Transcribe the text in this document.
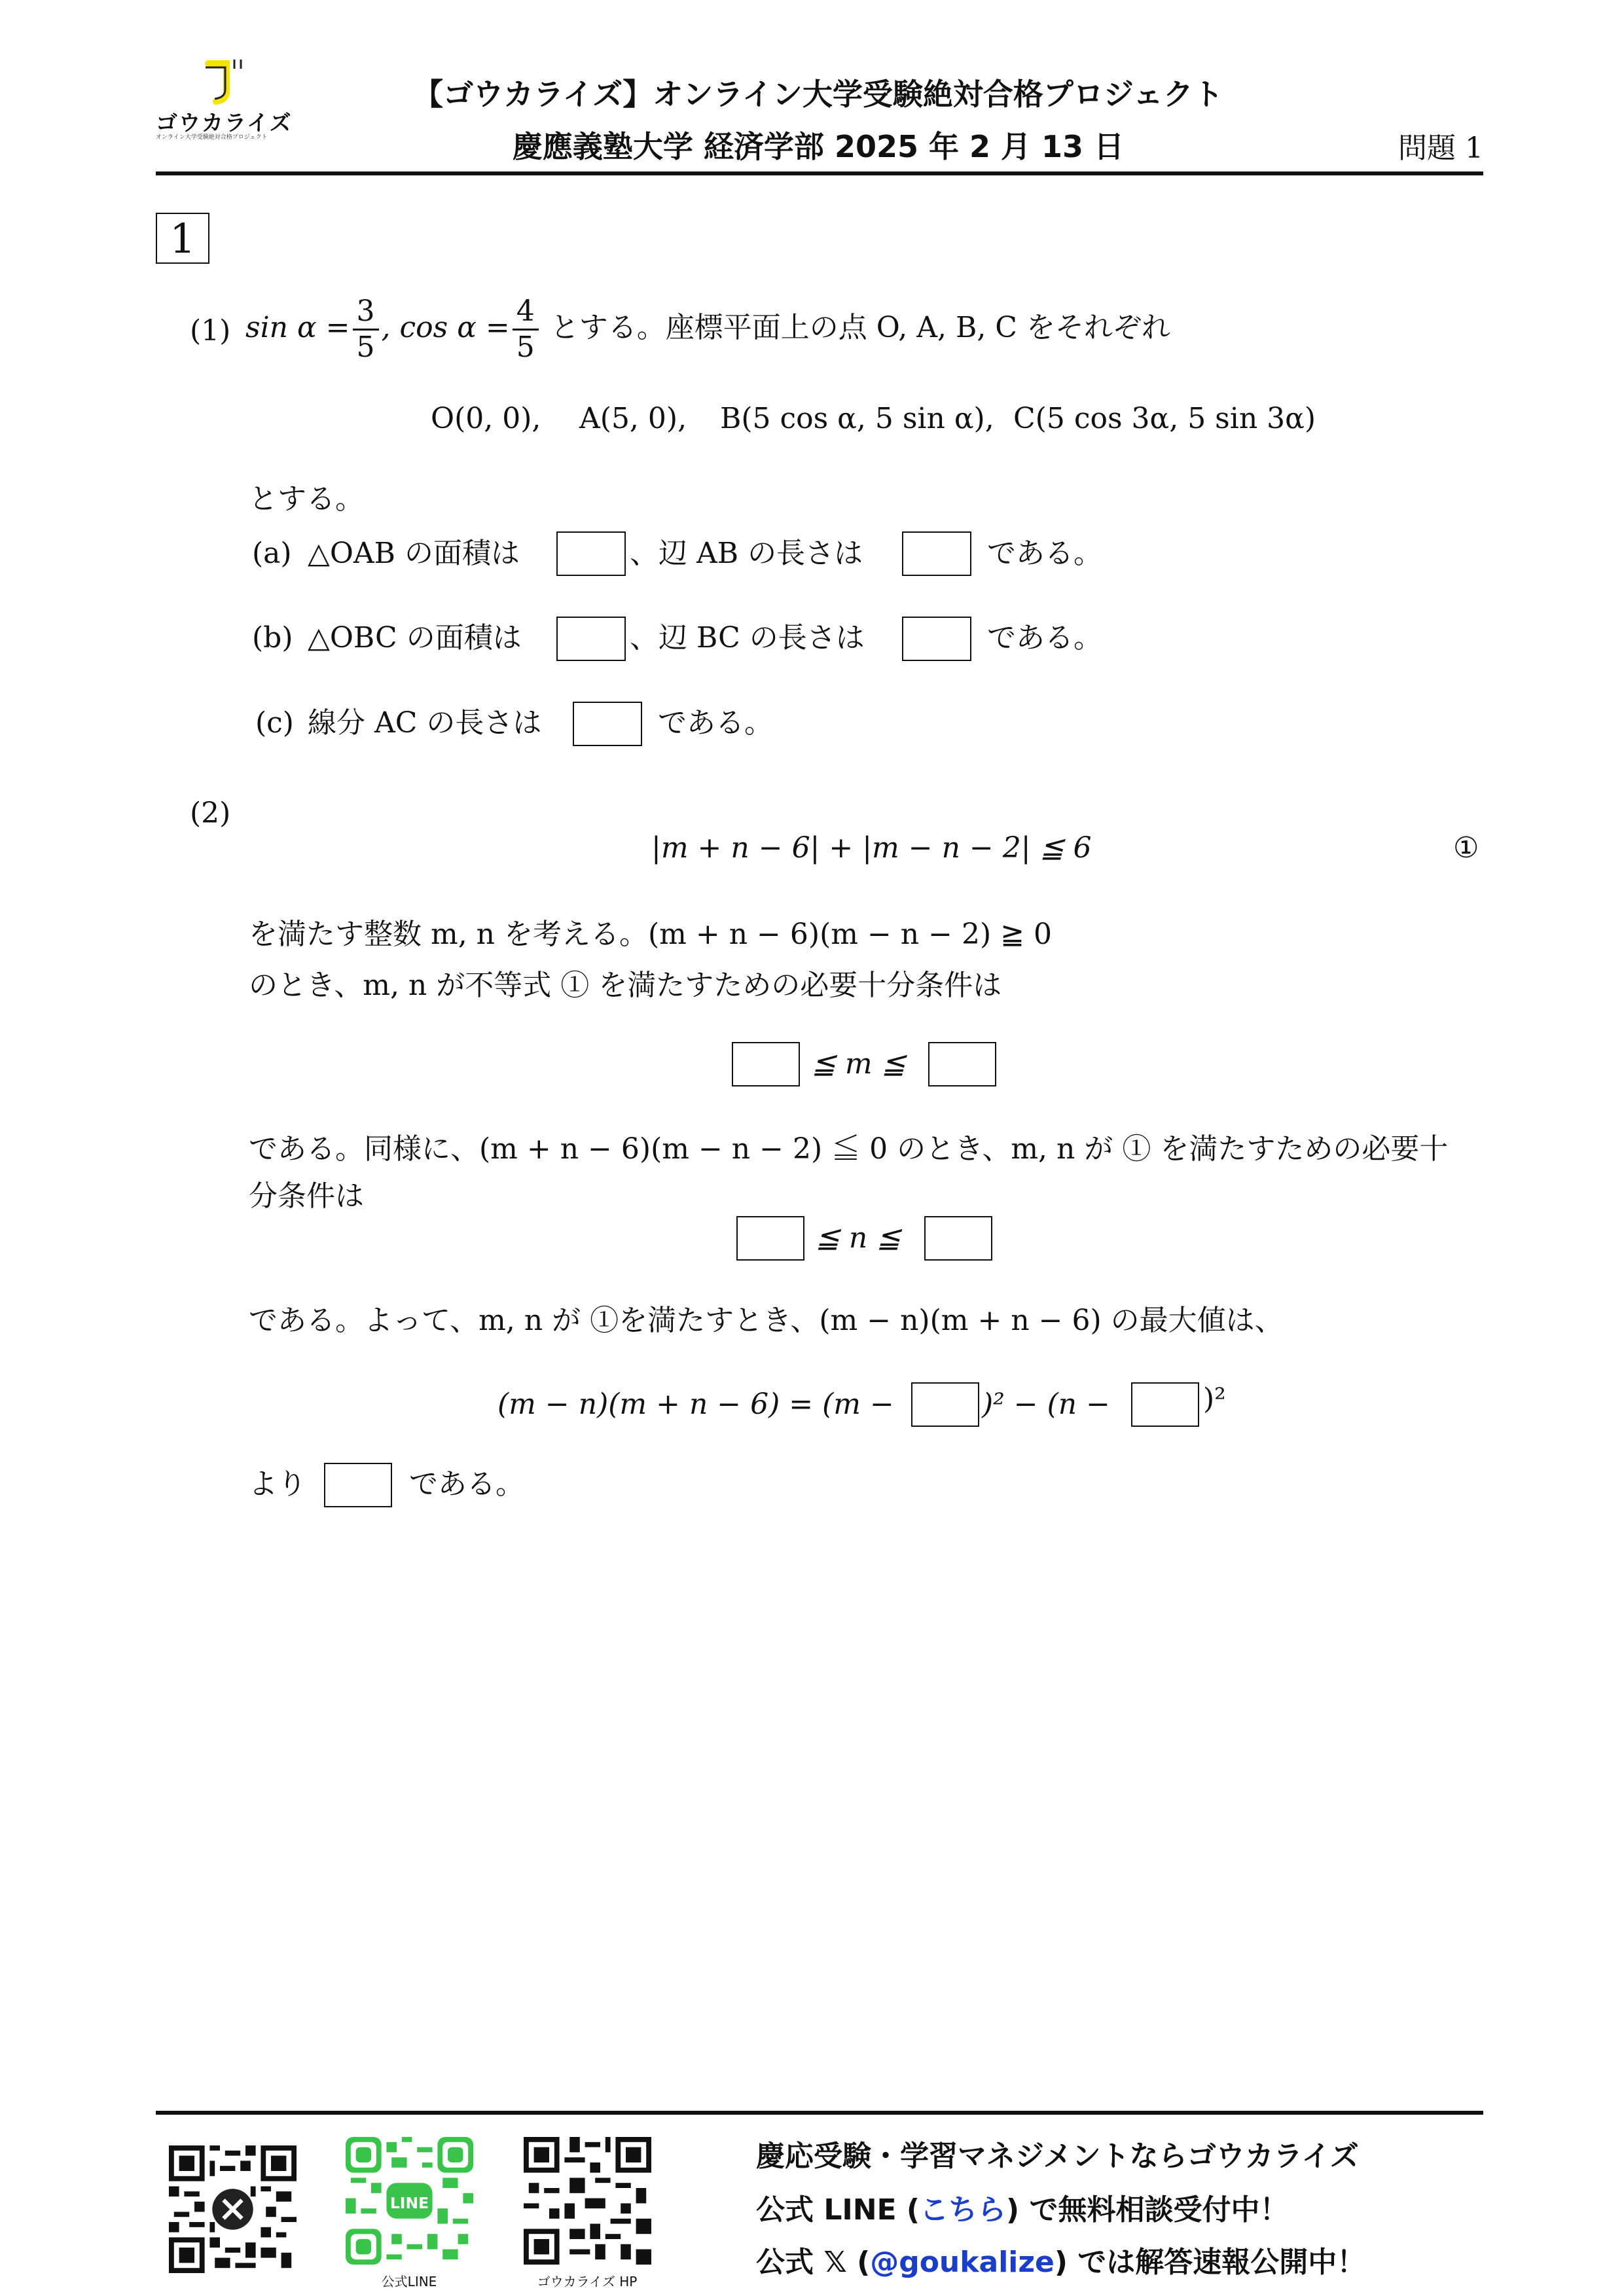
ゴウカライズ
オンライン大学受験絶対合格プロジェクト
【ゴウカライズ】オンライン大学受験絶対合格プロジェクト
慶應義塾大学 経済学部 2025 年 2 月 13 日	問題 1
1
(1) $\sin \alpha = \frac{3}{5}$ , $\cos \alpha = \frac{4}{5}$ とする。座標平面上の点 O, A, B, C をそれぞれ
O(0, 0), A(5, 0), B(5 cos α, 5 sin α), C(5 cos 3α, 5 sin 3α)
とする。
(a) △OAB の面積は	、辺 AB の長さは	である。
(b) △OBC の面積は	、辺 BC の長さは	である。
(c) 線分 AC の長さは	である。
(2)
|m + n − 6| + |m − n − 2| ≦ 6	①
を満たす整数 m, n を考える。(m + n − 6)(m − n − 2) ≧ 0
のとき、m, n が不等式 ① を満たすための必要十分条件は
≦ m ≦
である。同様に、(m + n − 6)(m − n − 2) ≦ 0 のとき、m, n が ① を満たすための必要十
分条件は
≦ n ≦
である。よって、m, n が ①を満たすとき、(m − n)(m + n − 6) の最大値は、
(m − n)(m + n − 6) = (m −	)² − (n −	)²
より	である。
LINE
公式LINE	ゴウカライズ HP
慶応受験・学習マネジメントならゴウカライズ
公式 LINE (こちら) で無料相談受付中！
公式 𝕏 (@goukalize) では解答速報公開中！
